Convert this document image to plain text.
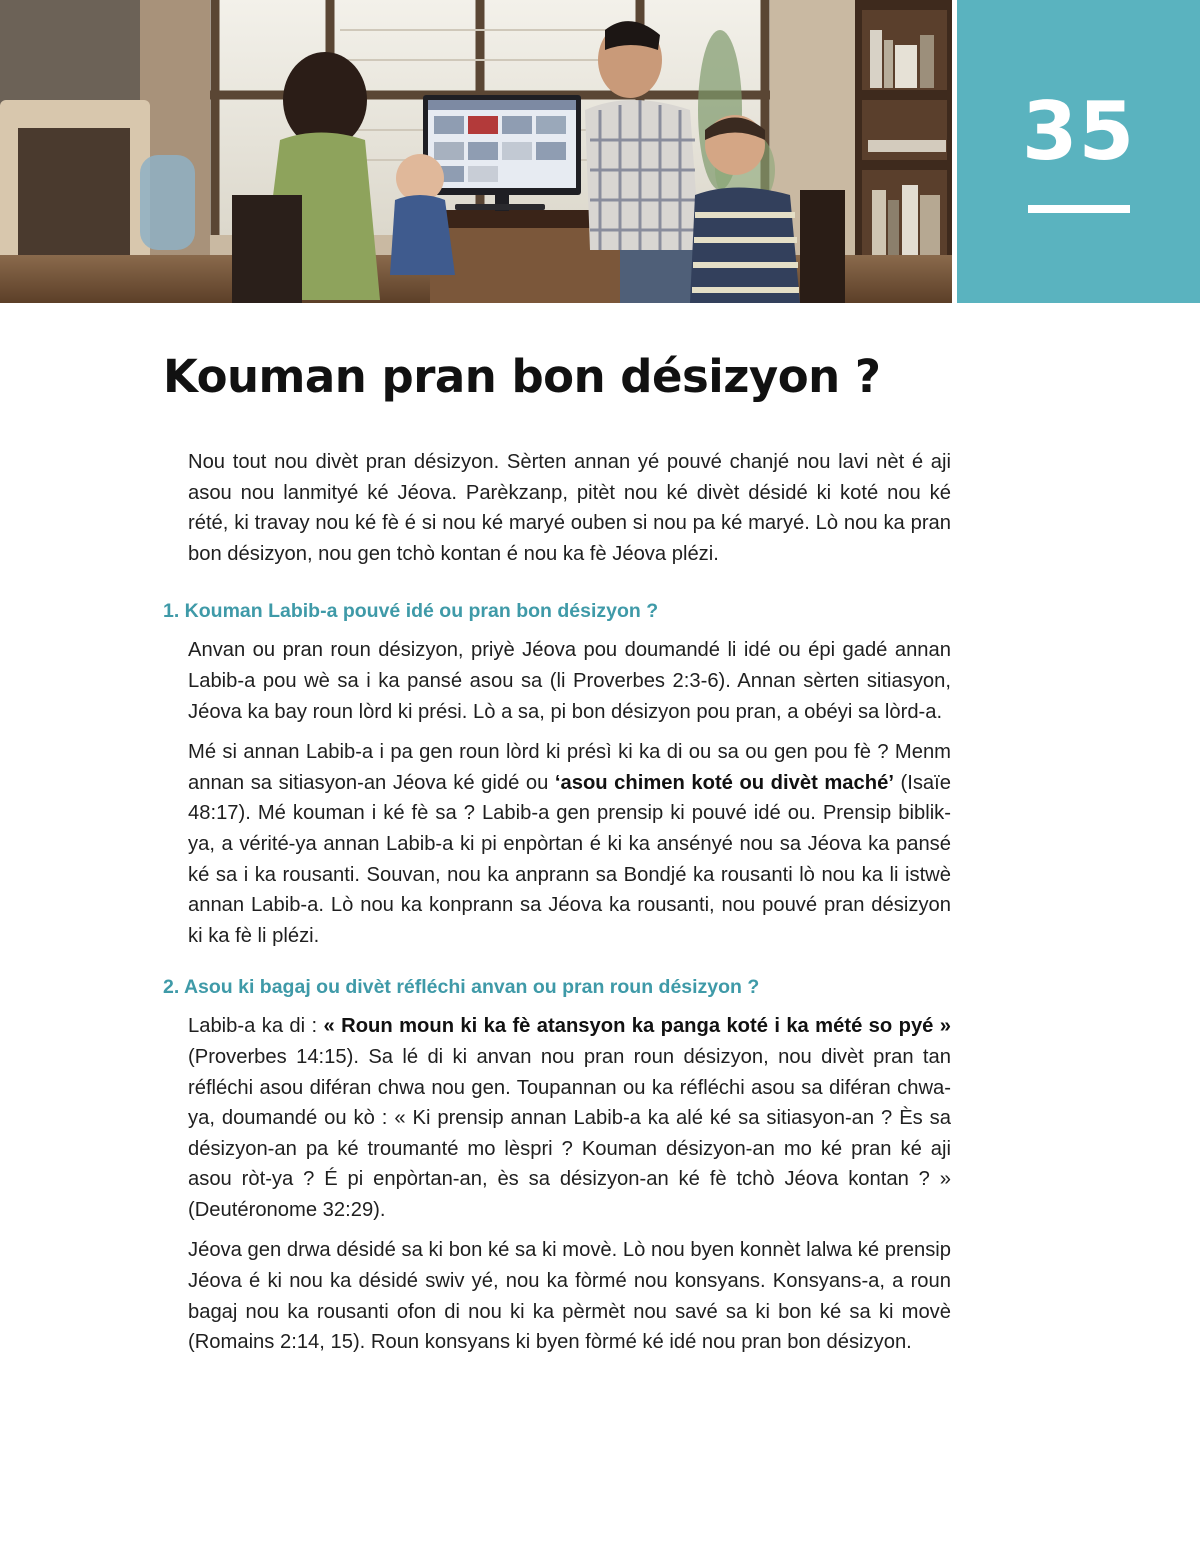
35
Kouman pran bon désizyon ?

Nou tout nou divèt pran désizyon. Sèrten annan yé pouvé chanjé nou lavi nèt é aji asou nou lanmityé ké Jéova. Parèkzanp, pitèt nou ké divèt désidé ki koté nou ké rété, ki travay nou ké fè é si nou ké maryé ouben si nou pa ké maryé. Lò nou ka pran bon désizyon, nou gen tchò kontan é nou ka fè Jéova plézi.

1. Kouman Labib-a pouvé idé ou pran bon désizyon ?

Anvan ou pran roun désizyon, priyè Jéova pou doumandé li idé ou épi gadé annan Labib-a pou wè sa i ka pansé asou sa (li Proverbes 2:3-6). Annan sèrten sitiasyon, Jéova ka bay roun lòrd ki prési. Lò a sa, pi bon désizyon pou pran, a obéyi sa lòrd-a.

Mé si annan Labib-a i pa gen roun lòrd ki présì ki ka di ou sa ou gen pou fè ? Menm annan sa sitiasyon-an Jéova ké gidé ou ‘asou chimen koté ou divèt maché’ (Isaïe 48:17). Mé kouman i ké fè sa ? Labib-a gen prensip ki pouvé idé ou. Prensip biblik-ya, a vérité-ya annan Labib-a ki pi enpòrtan é ki ka ansényé nou sa Jéova ka pansé ké sa i ka rousanti. Souvan, nou ka anprann sa Bondjé ka rousanti lò nou ka li istwè annan Labib-a. Lò nou ka konprann sa Jéova ka rousanti, nou pouvé pran désizyon ki ka fè li plézi.

2. Asou ki bagaj ou divèt réfléchi anvan ou pran roun désizyon ?

Labib-a ka di : « Roun moun ki ka fè atansyon ka panga koté i ka mété so pyé » (Proverbes 14:15). Sa lé di ki anvan nou pran roun désizyon, nou divèt pran tan réfléchi asou diféran chwa nou gen. Toupannan ou ka réfléchi asou sa diféran chwa-ya, doumandé ou kò : « Ki prensip annan Labib-a ka alé ké sa sitiasyon-an ? Ès sa désizyon-an pa ké troumanté mo lèspri ? Kouman désizyon-an mo ké pran ké aji asou ròt-ya ? É pi enpòrtan-an, ès sa désizyon-an ké fè tchò Jéova kontan ? » (Deutéronome 32:29).

Jéova gen drwa désidé sa ki bon ké sa ki movè. Lò nou byen konnèt lalwa ké prensip Jéova é ki nou ka désidé swiv yé, nou ka fòrmé nou konsyans. Konsyans-a, a roun bagaj nou ka rousanti ofon di nou ki ka pèrmèt nou savé sa ki bon ké sa ki movè (Romains 2:14, 15). Roun konsyans ki byen fòrmé ké idé nou pran bon désizyon.
